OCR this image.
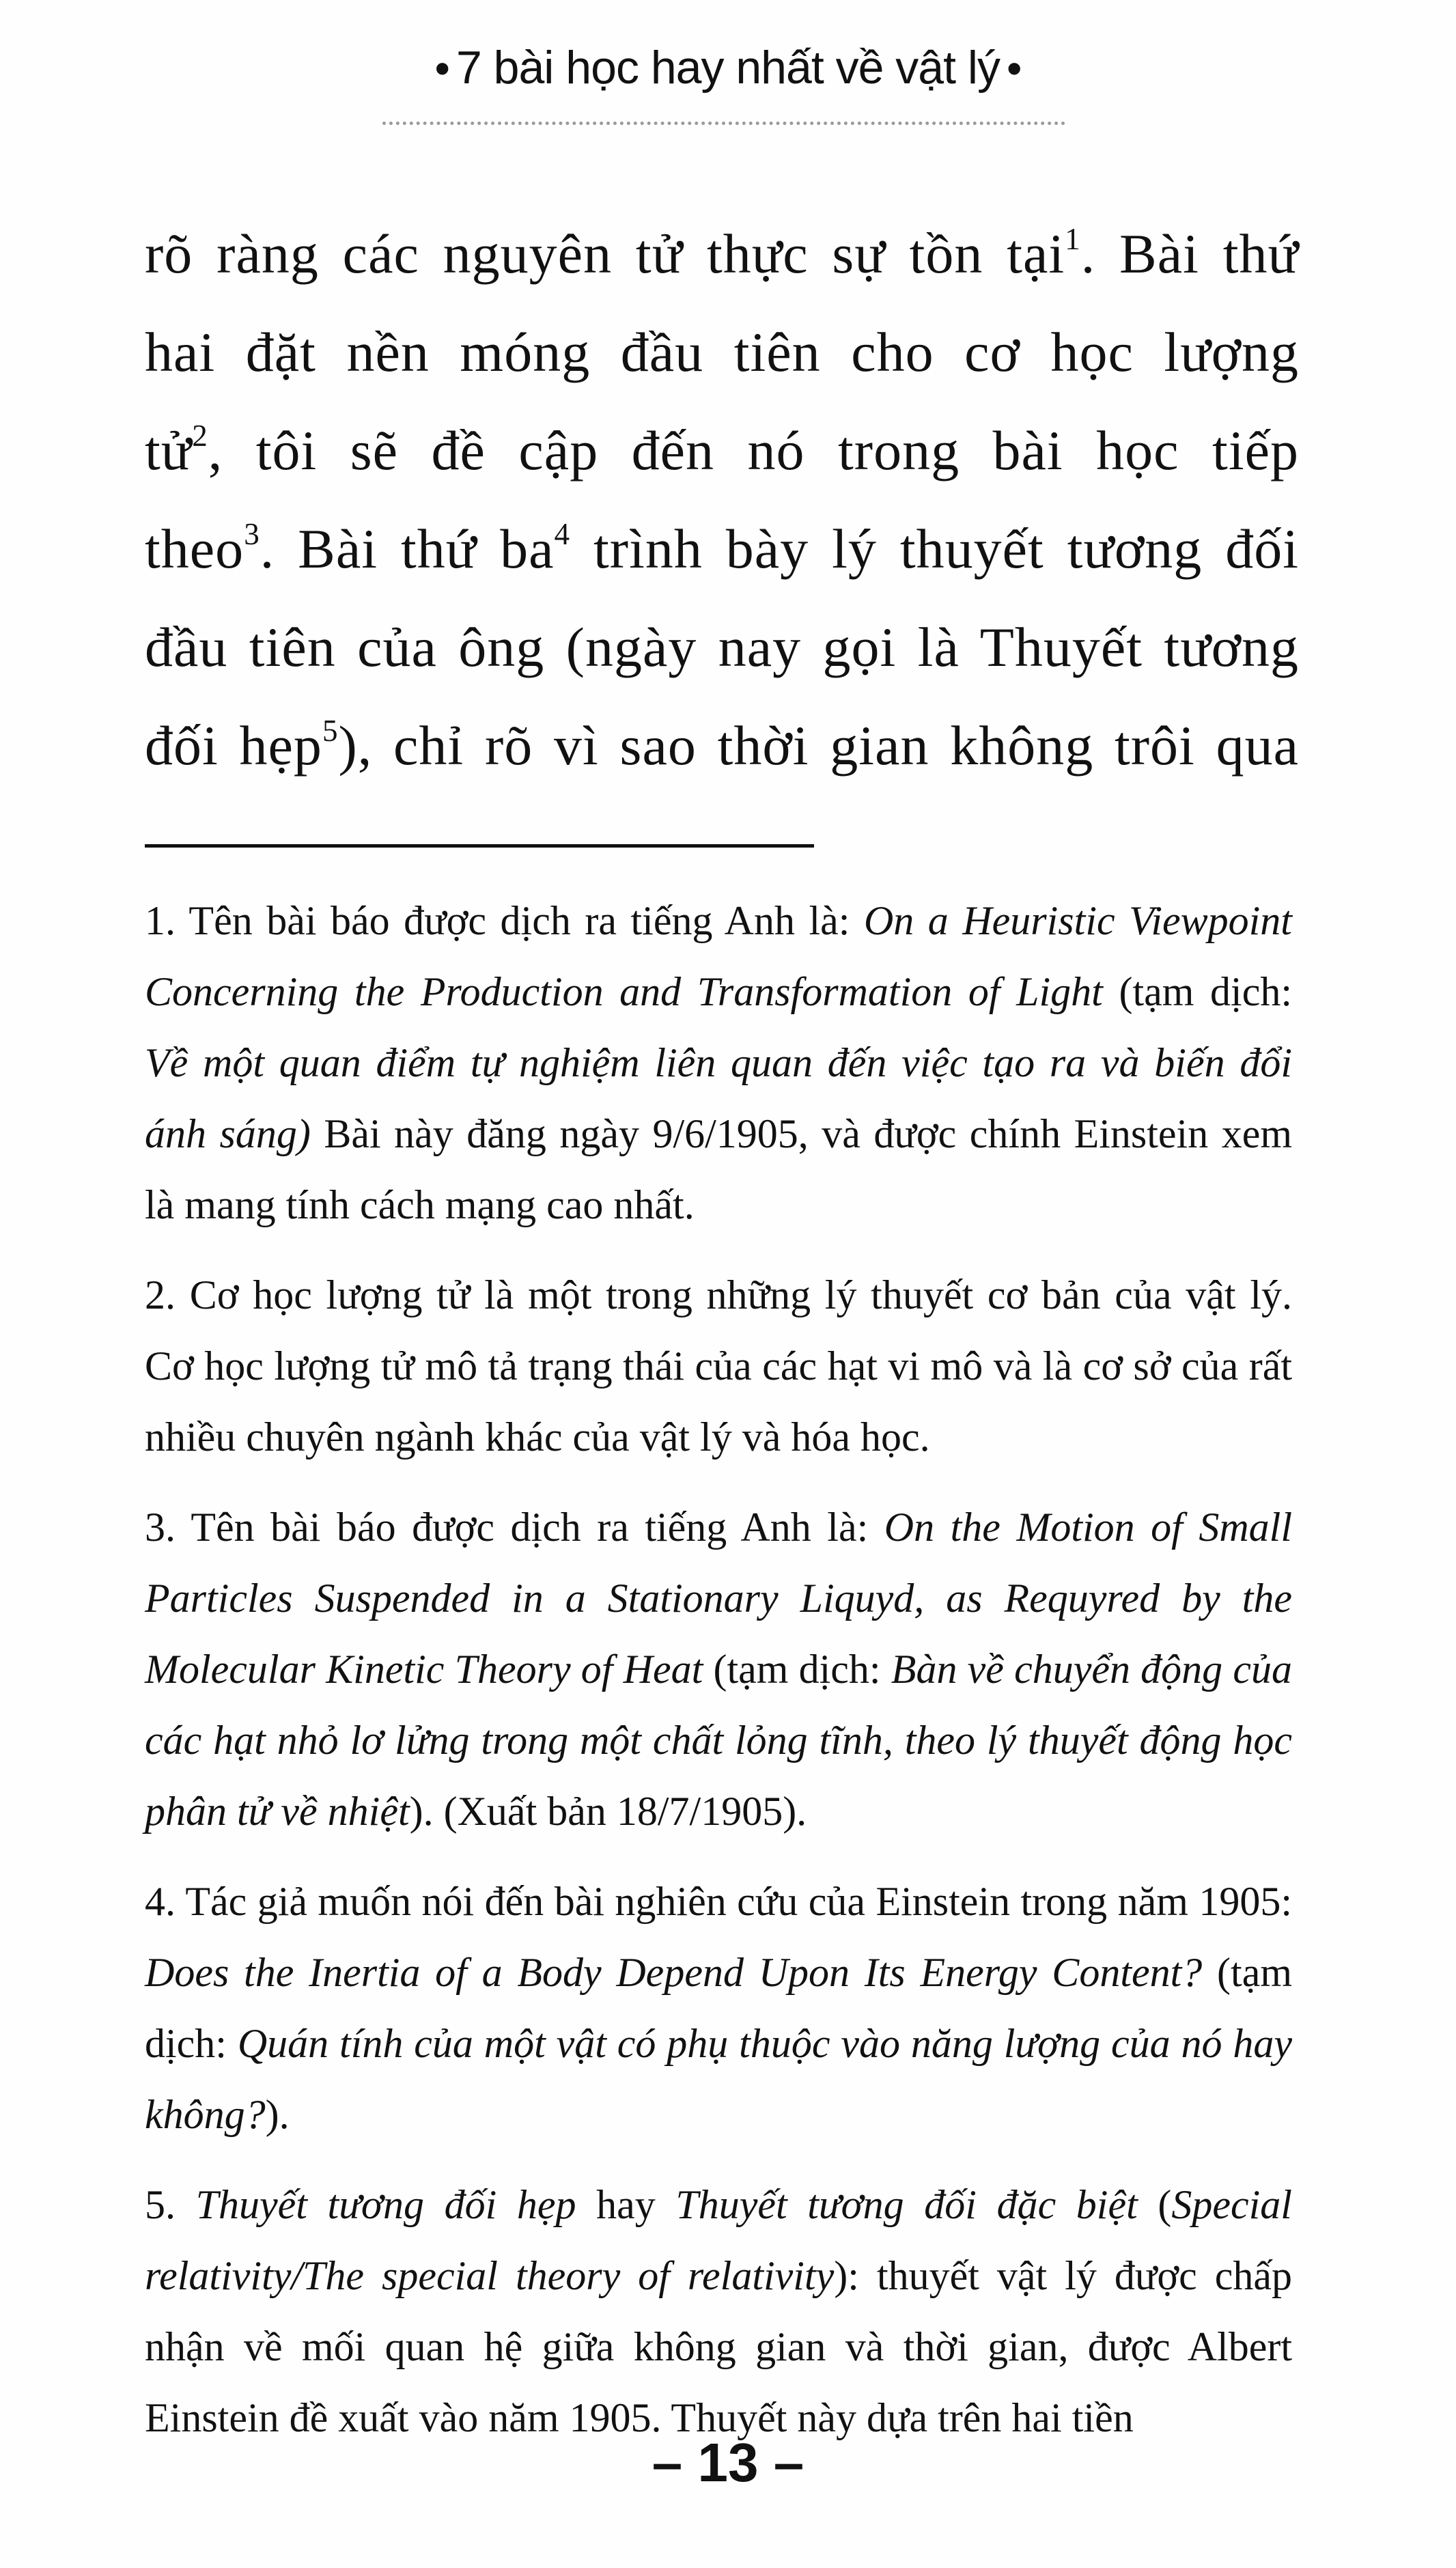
• 7 bài học hay nhất về vật lý •
rõ ràng các nguyên tử thực sự tồn tại$^1$. Bài thứ
hai đặt nền móng đầu tiên cho cơ học lượng
tử$^2$, tôi sẽ đề cập đến nó trong bài học tiếp
theo$^3$. Bài thứ $ba^4$ trình bày lý thuyết tương đối
đầu tiên của ông (ngày nay gọi là Thuyết tương
đối hẹp$^5$), chỉ rõ vì sao thời gian không trôi qua

1. Tên bài báo được dịch ra tiếng Anh là: On a Heuristic Viewpoint Concerning the Production and Transformation of Light (tạm dịch: Về một quan điểm tự nghiệm liên quan đến việc tạo ra và biến đổi ánh sáng) Bài này đăng ngày 9/6/1905, và được chính Einstein xem là mang tính cách mạng cao nhất.

2. Cơ học lượng tử là một trong những lý thuyết cơ bản của vật lý. Cơ học lượng tử mô tả trạng thái của các hạt vi mô và là cơ sở của rất nhiều chuyên ngành khác của vật lý và hóa học.

3. Tên bài báo được dịch ra tiếng Anh là: On the Motion of Small Particles Suspended in a Stationary Liquyd, as Requyred by the Molecular Kinetic Theory of Heat (tạm dịch: Bàn về chuyển động của các hạt nhỏ lơ lửng trong một chất lỏng tĩnh, theo lý thuyết động học phân tử về nhiệt). (Xuất bản 18/7/1905).

4. Tác giả muốn nói đến bài nghiên cứu của Einstein trong năm 1905: Does the Inertia of a Body Depend Upon Its Energy Content? (tạm dịch: Quán tính của một vật có phụ thuộc vào năng lượng của nó hay không?).

5. Thuyết tương đối hẹp hay Thuyết tương đối đặc biệt (Special relativity/The special theory of relativity): thuyết vật lý được chấp nhận về mối quan hệ giữa không gian và thời gian, được Albert Einstein đề xuất vào năm 1905. Thuyết này dựa trên hai tiền

– 13 –
